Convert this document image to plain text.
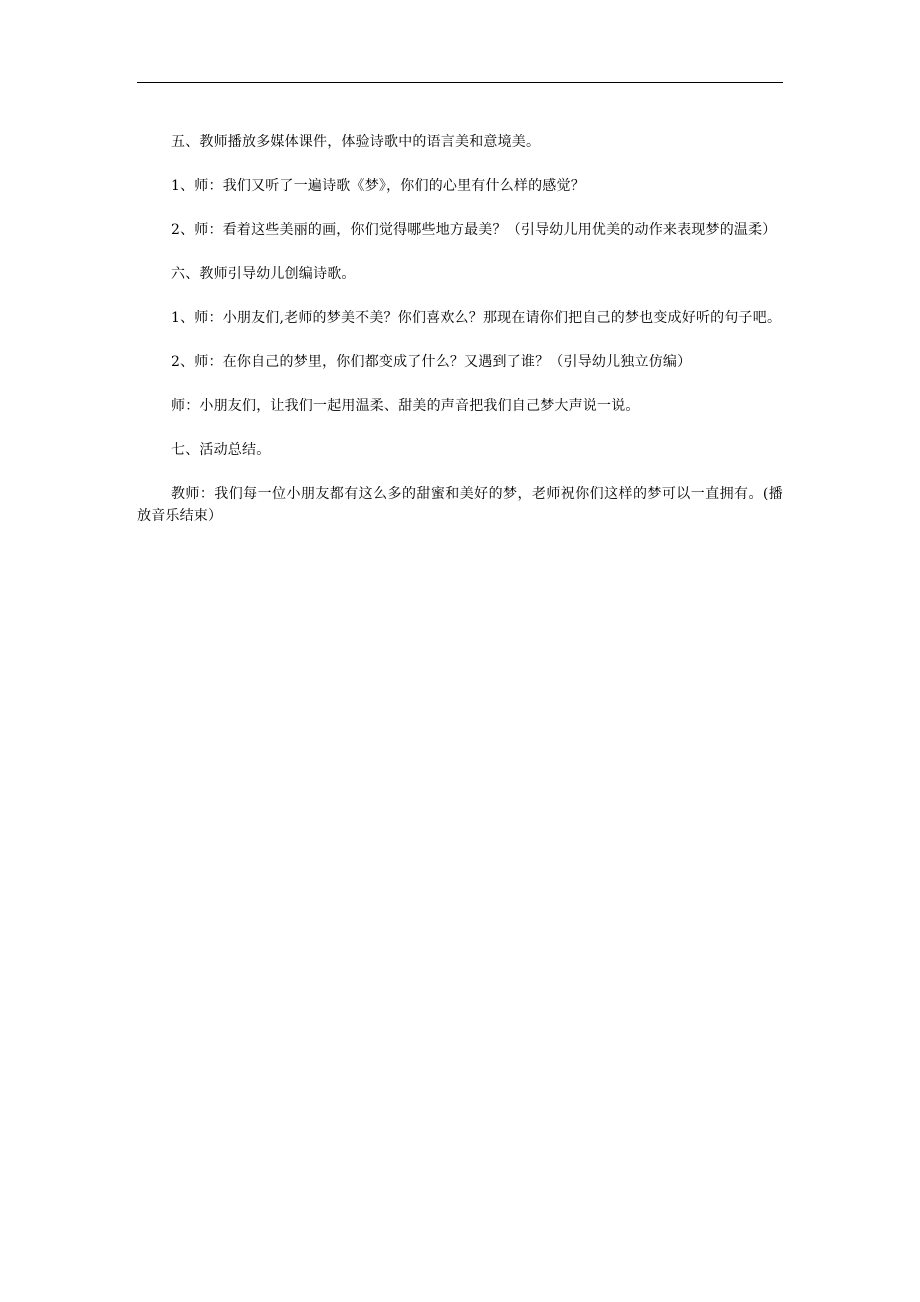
五、教师播放多媒体课件，体验诗歌中的语言美和意境美。

1、师：我们又听了一遍诗歌《梦》，你们的心里有什么样的感觉？

2、师：看着这些美丽的画，你们觉得哪些地方最美？（引导幼儿用优美的动作来表现梦的温柔）

六、教师引导幼儿创编诗歌。

1、师：小朋友们,老师的梦美不美？你们喜欢么？那现在请你们把自己的梦也变成好听的句子吧。

2、师：在你自己的梦里，你们都变成了什么？又遇到了谁？（引导幼儿独立仿编）

师：小朋友们，让我们一起用温柔、甜美的声音把我们自己梦大声说一说。

七、活动总结。

教师：我们每一位小朋友都有这么多的甜蜜和美好的梦，老师祝你们这样的梦可以一直拥有。(播放音乐结束）
